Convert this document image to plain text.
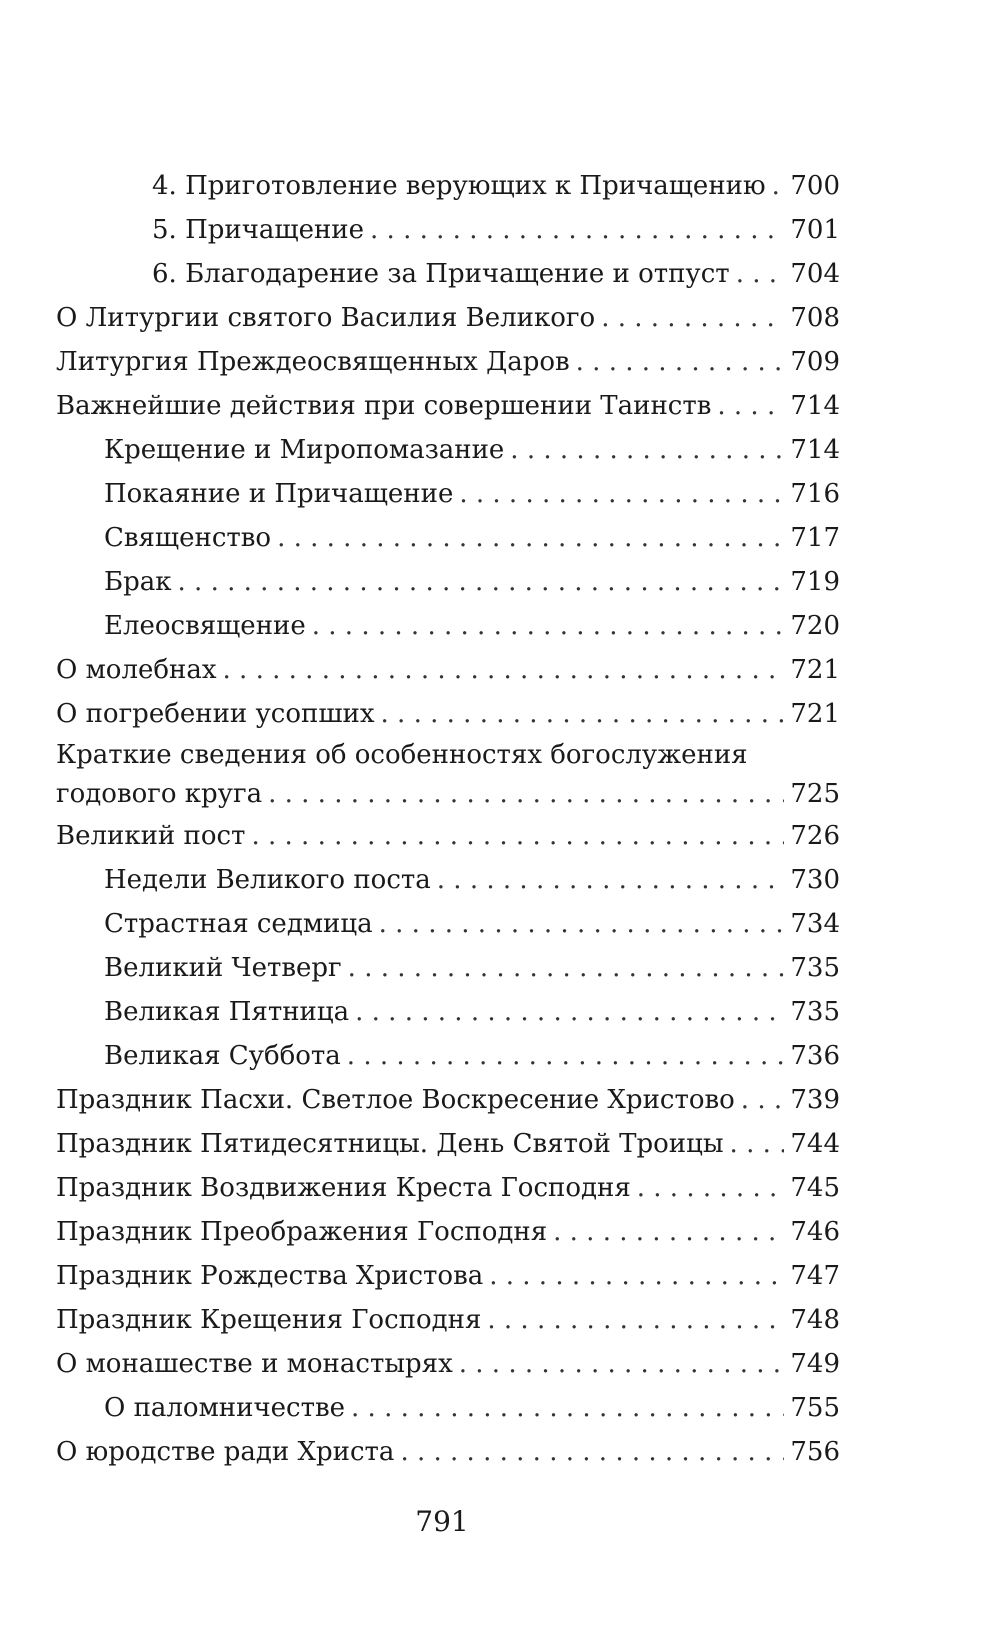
4. Приготовление верующих к Причащению . . . 700
5. Причащение . . .	701
6. Благодарение за Причащение и отпуст . . . 704
О Литургии святого Василия Великого . . .	708
Литургия Преждеосвященных Даров . . .	709
Важнейшие действия при совершении Таинств . . .	714
Крещение и Миропомазание . . .	714
Покаяние и Причащение . . .	716
Священство . . .	717
Брак . . .	719
Елеосвящение . . .	720
О молебнах . . .	721
О погребении усопших . . .	721
Краткие сведения об особенностях богослужения
годового круга . . .	725
Великий пост . . .	726
Недели Великого поста . . .	730
Страстная седмица . . .	734
Великий Четверг . . .	735
Великая Пятница . . .	735
Великая Суббота . . .	736
Праздник Пасхи. Светлое Воскресение Христово . . . 739
Праздник Пятидесятницы. День Святой Троицы . . .	744
Праздник Воздвижения Креста Господня . . .	745
Праздник Преображения Господня . . .	746
Праздник Рождества Христова . . .	747
Праздник Крещения Господня . . .	748
О монашестве и монастырях . . .	749
О паломничестве . . .	755
О юродстве ради Христа . . .	756
791
